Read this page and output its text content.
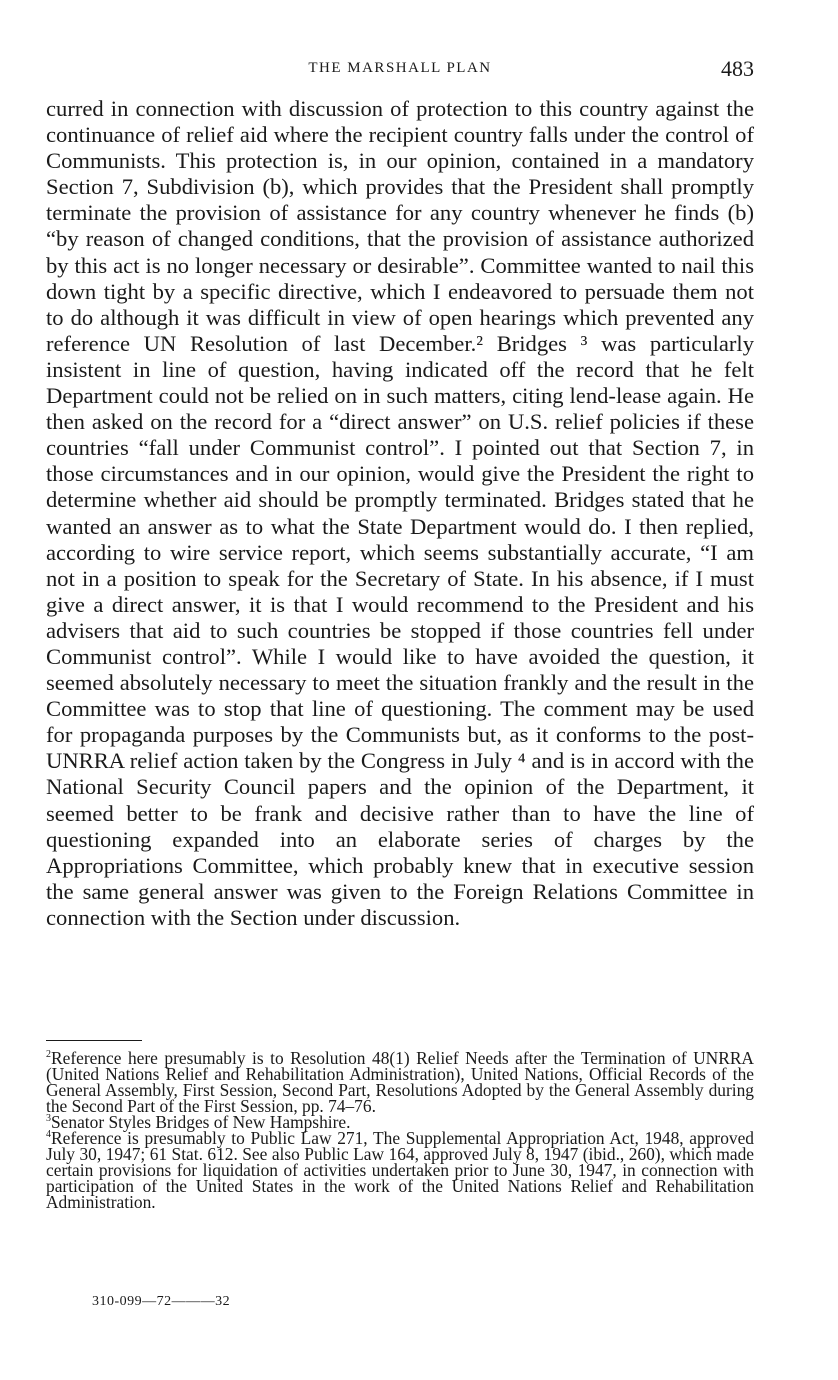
THE MARSHALL PLAN	483

curred in connection with discussion of protection to this country against the continuance of relief aid where the recipient country falls under the control of Communists. This protection is, in our opinion, contained in a mandatory Section 7, Subdivision (b), which provides that the President shall promptly terminate the provision of assistance for any country whenever he finds (b) “by reason of changed conditions, that the provision of assistance authorized by this act is no longer necessary or desirable”. Committee wanted to nail this down tight by a specific directive, which I endeavored to persuade them not to do although it was difficult in view of open hearings which prevented any reference UN Resolution of last December.² Bridges ³ was particularly insistent in line of question, having indicated off the record that he felt Department could not be relied on in such matters, citing lend-lease again. He then asked on the record for a “direct answer” on U.S. relief policies if these countries “fall under Communist control”. I pointed out that Section 7, in those circumstances and in our opinion, would give the President the right to determine whether aid should be promptly terminated. Bridges stated that he wanted an answer as to what the State Department would do. I then replied, according to wire service report, which seems substantially accurate, “I am not in a position to speak for the Secretary of State. In his absence, if I must give a direct answer, it is that I would recommend to the President and his advisers that aid to such countries be stopped if those countries fell under Communist control”. While I would like to have avoided the question, it seemed absolutely necessary to meet the situation frankly and the result in the Committee was to stop that line of questioning. The comment may be used for propaganda purposes by the Communists but, as it conforms to the post-UNRRA relief action taken by the Congress in July ⁴ and is in accord with the National Security Council papers and the opinion of the Department, it seemed better to be frank and decisive rather than to have the line of questioning expanded into an elaborate series of charges by the Appropriations Committee, which probably knew that in executive session the same general answer was given to the Foreign Relations Committee in connection with the Section under discussion.

$^2$Reference here presumably is to Resolution 48(1) Relief Needs after the Termination of UNRRA (United Nations Relief and Rehabilitation Administration), United Nations, Official Records of the General Assembly, First Session, Second Part, Resolutions Adopted by the General Assembly during the Second Part of the First Session, pp. 74–76.

$^3$Senator Styles Bridges of New Hampshire.

$^4$Reference is presumably to Public Law 271, The Supplemental Appropriation Act, 1948, approved July 30, 1947; 61 Stat. 612. See also Public Law 164, approved July 8, 1947 (ibid., 260), which made certain provisions for liquidation of activities undertaken prior to June 30, 1947, in connection with participation of the United States in the work of the United Nations Relief and Rehabilitation Administration.

310-099—72———32
